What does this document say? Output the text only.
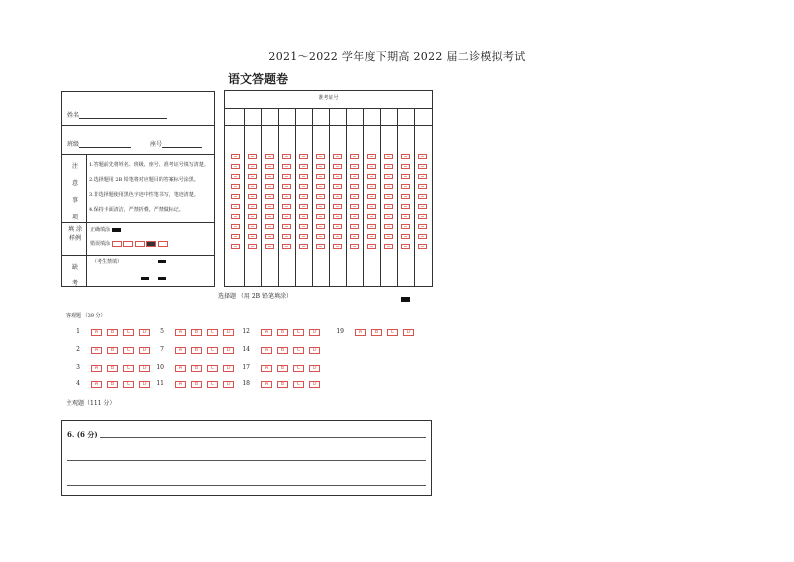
2021～2022 学年度下期高 2022 届二诊模拟考试
语文答题卷
姓名
班级	座号
注
意
事
项
1.答题前先将姓名、班级、座号、准考证号填写清楚。
2.选择题用 2B 铅笔将对应题目的答案标号涂黑。
3.非选择题使用黑色字迹中性笔书写，笔迹清楚。
4.保持卡面清洁，严禁折叠，严禁做标记。
填 涂
样例
正确填涂
错误填涂
缺
考
（考生禁填）
准考证号
选择题 （用 2B 铅笔填涂）
客观题 （39 分）
1	A	B	C	D
2	A	B	C	D
3	A	B	C	D
4	A	B	C	D
5	A	B	C	D
7	A	B	C	D
10	A	B	C	D
11	A	B	C	D
12	A	B	C	D
14	A	B	C	D
17	A	B	C	D
18	A	B	C	D
19	A	B	C	D
主观题（111 分）
6. (6 分)
